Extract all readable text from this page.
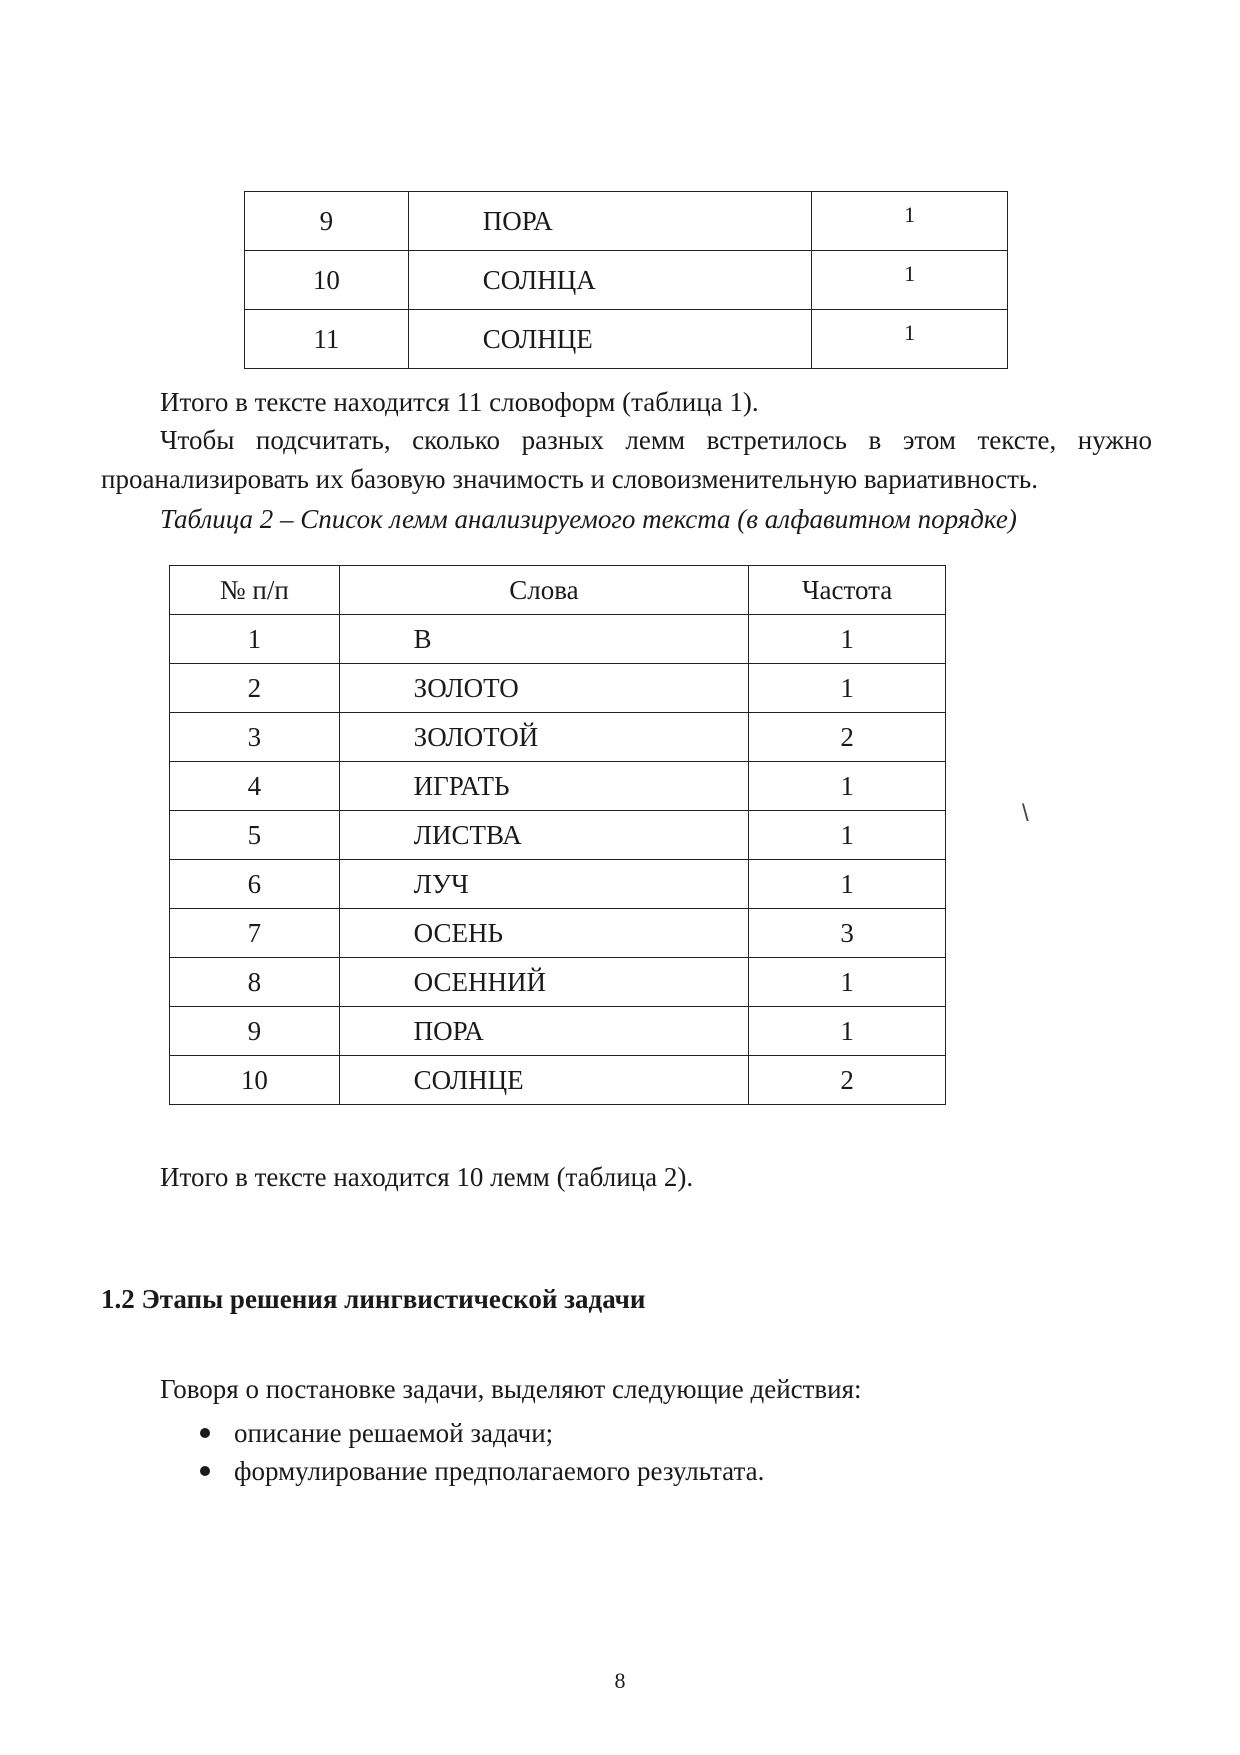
9	ПОРА	1
10	СОЛНЦА	1
11	СОЛНЦЕ	1
Итого в тексте находится 11 словоформ (таблица 1).
Чтобы подсчитать, сколько разных лемм встретилось в этом тексте, нужно
проанализировать их базовую значимость и словоизменительную вариативность.
Таблица 2 – Список лемм анализируемого текста (в алфавитном порядке)
№ п/п	Слова	Частота
1	В	1
2	ЗОЛОТО	1
3	ЗОЛОТОЙ	2
4	ИГРАТЬ	1
5	ЛИСТВА	1
6	ЛУЧ	1
7	ОСЕНЬ	3
8	ОСЕННИЙ	1
9	ПОРА	1
10	СОЛНЦЕ	2
\
Итого в тексте находится 10 лемм (таблица 2).
1.2 Этапы решения лингвистической задачи
Говоря о постановке задачи, выделяют следующие действия:
описание решаемой задачи;
формулирование предполагаемого результата.
8
